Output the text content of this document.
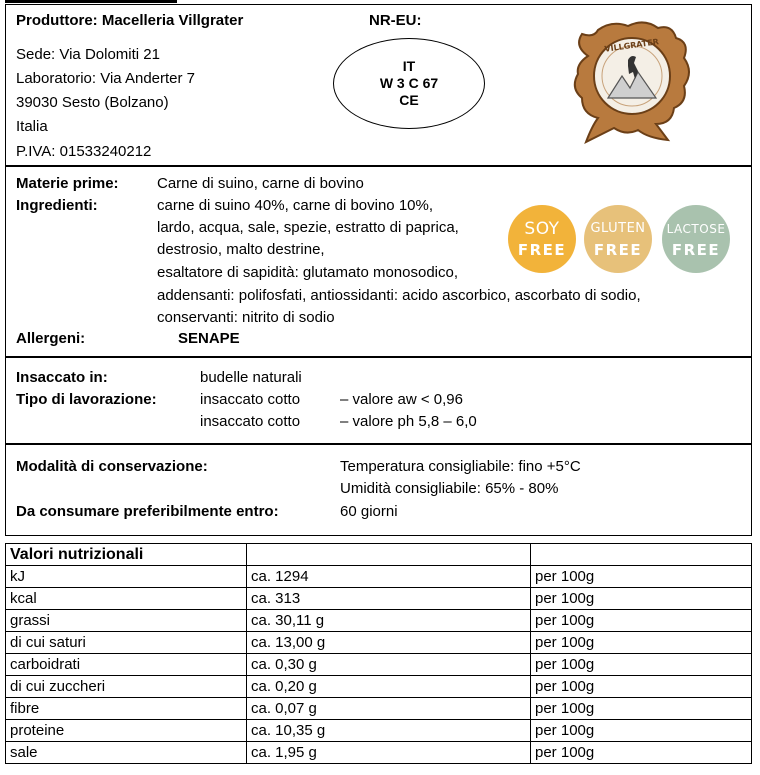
Produttore: Macelleria Villgrater
Sede: Via Dolomiti 21
Laboratorio: Via Anderter 7
39030 Sesto (Bolzano)
Italia
P.IVA: 01533240212
NR-EU:
IT
W 3 C 67
CE
VILLGRATER
Materie prime:	Carne di suino, carne di bovino
Ingredienti:	carne di suino 40%, carne di bovino 10%,
lardo, acqua, sale, spezie, estratto di paprica,
destrosio, malto destrine,
esaltatore di sapidità: glutamato monosodico,
addensanti: polifosfati, antiossidanti: acido ascorbico, ascorbato di sodio,
conservanti: nitrito di sodio
Allergeni:	SENAPE
SOY
FREE
GLUTEN
FREE
LACTOSE
FREE
Insaccato in:	budelle naturali
Tipo di lavorazione:	insaccato cotto	– valore aw < 0,96
insaccato cotto	– valore ph 5,8 – 6,0
Modalità di conservazione:	Temperatura consigliabile: fino +5°C
Umidità consigliabile: 65% - 80%
Da consumare preferibilmente entro:	60 giorni
Valori nutrizionali		
kJ	ca. 1294	per 100g
kcal	ca. 313	per 100g
grassi	ca. 30,11 g	per 100g
di cui saturi	ca. 13,00 g	per 100g
carboidrati	ca. 0,30 g	per 100g
di cui zuccheri	ca. 0,20 g	per 100g
fibre	ca. 0,07 g	per 100g
proteine	ca. 10,35 g	per 100g
sale	ca. 1,95 g	per 100g
